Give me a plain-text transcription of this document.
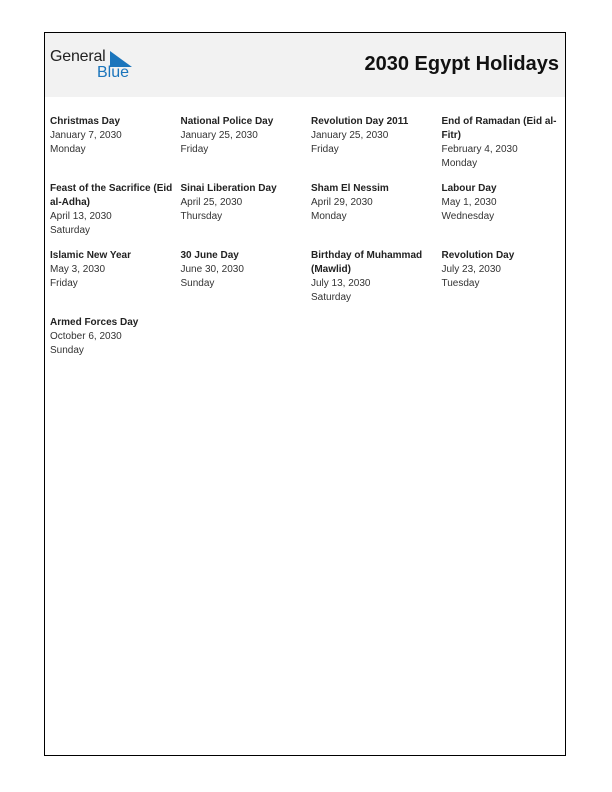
General
Blue	2030 Egypt Holidays
Christmas Day
January 7, 2030
Monday
National Police Day
January 25, 2030
Friday
Revolution Day 2011
January 25, 2030
Friday
End of Ramadan (Eid al-Fitr)
February 4, 2030
Monday
Feast of the Sacrifice (Eid al-Adha)
April 13, 2030
Saturday
Sinai Liberation Day
April 25, 2030
Thursday
Sham El Nessim
April 29, 2030
Monday
Labour Day
May 1, 2030
Wednesday
Islamic New Year
May 3, 2030
Friday
30 June Day
June 30, 2030
Sunday
Birthday of Muhammad (Mawlid)
July 13, 2030
Saturday
Revolution Day
July 23, 2030
Tuesday
Armed Forces Day
October 6, 2030
Sunday
